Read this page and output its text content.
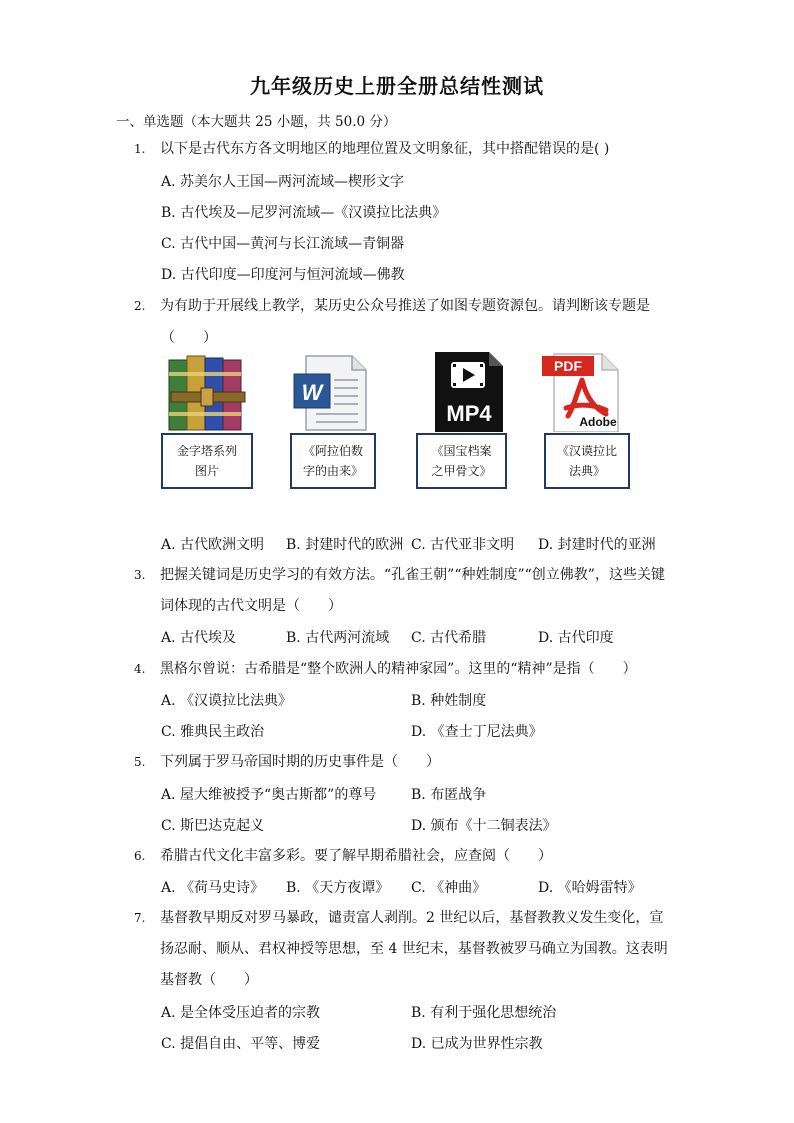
九年级历史上册全册总结性测试
一、单选题（本大题共 25 小题，共 50.0 分）
1. 以下是古代东方各文明地区的地理位置及文明象征，其中搭配错误的是( )
A. 苏美尔人王国—两河流域—楔形文字
B. 古代埃及—尼罗河流域—《汉谟拉比法典》
C. 古代中国—黄河与长江流域—青铜器
D. 古代印度—印度河与恒河流域—佛教
2. 为有助于开展线上教学，某历史公众号推送了如图专题资源包。请判断该专题是
（　　）
金字塔系列
图片
W
《阿拉伯数
字的由来》
MP4
《国宝档案
之甲骨文》
PDF
Adobe
《汉谟拉比
法典》
A. 古代欧洲文明 B. 封建时代的欧洲 C. 古代亚非文明 D. 封建时代的亚洲
3. 把握关键词是历史学习的有效方法。“孔雀王朝”“种姓制度”“创立佛教”，这些关键
词体现的古代文明是（　　）
A. 古代埃及	B. 古代两河流域 C. 古代希腊	D. 古代印度
4. 黑格尔曾说：古希腊是“整个欧洲人的精神家园”。这里的“精神”是指（　　）
A. 《汉谟拉比法典》	B. 种姓制度
C. 雅典民主政治	D. 《查士丁尼法典》
5. 下列属于罗马帝国时期的历史事件是（　　）
A. 屋大维被授予“奥古斯都”的尊号 B. 布匿战争
C. 斯巴达克起义	D. 颁布《十二铜表法》
6. 希腊古代文化丰富多彩。要了解早期希腊社会，应查阅（　　）
A. 《荷马史诗》 B. 《天方夜谭》 C. 《神曲》	D. 《哈姆雷特》
7. 基督教早期反对罗马暴政，谴责富人剥削。2 世纪以后，基督教教义发生变化，宣
扬忍耐、顺从、君权神授等思想，至 4 世纪末，基督教被罗马确立为国教。这表明
基督教（　　）
A. 是全体受压迫者的宗教	B. 有利于强化思想统治
C. 提倡自由、平等、博爱	D. 已成为世界性宗教
